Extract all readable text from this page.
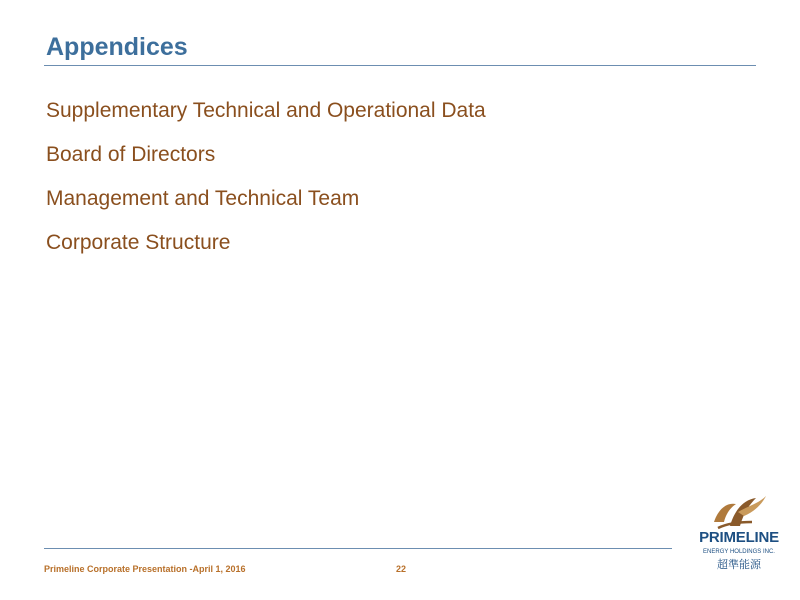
Appendices
Supplementary Technical and Operational Data
Board of Directors
Management and Technical Team
Corporate Structure
Primeline Corporate Presentation -April 1, 2016	22
PRIMELINE
ENERGY HOLDINGS INC.
超準能源
